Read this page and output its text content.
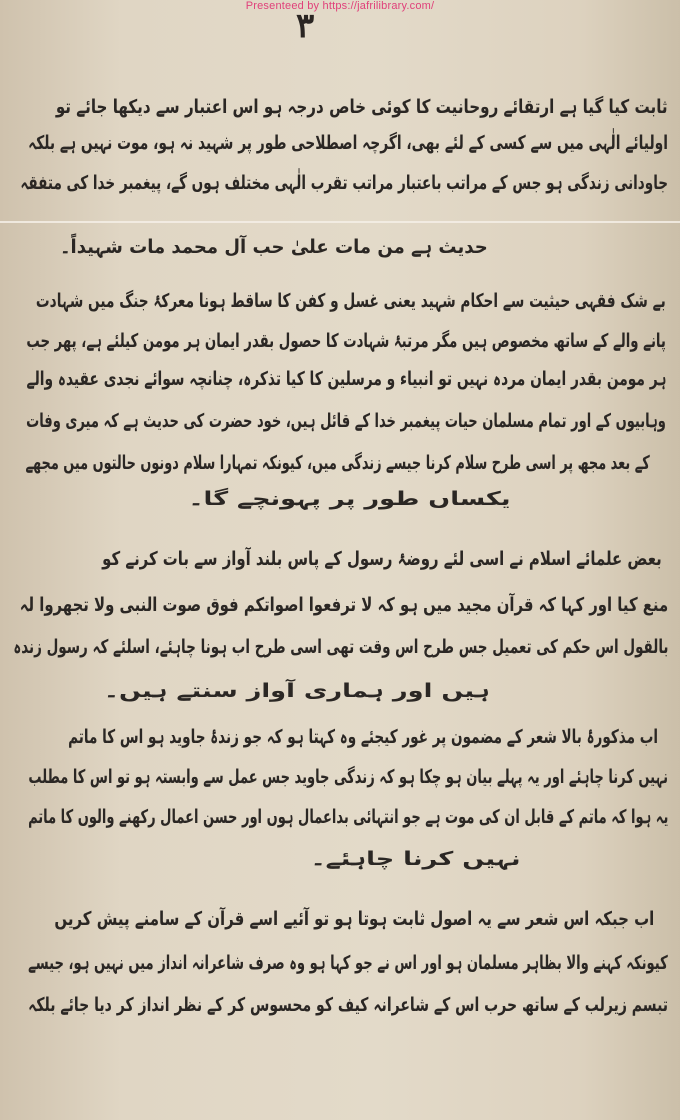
Presenteed by https://jafrilibrary.com/
۳
ثابت کیا گیا ہے ارتقائے روحانیت کا کوئی خاص درجہ ہو اس اعتبار سے دیکھا جائے تو
اولیائے الٰہی میں سے کسی کے لئے بھی، اگرچہ اصطلاحی طور پر شہید نہ ہو، موت نہیں ہے بلکہ
جاودانی زندگی ہو جس کے مراتب باعتبار مراتب تقرب الٰہی مختلف ہوں گے، پیغمبر خدا کی متفقہ
حدیث ہے من مات علیٰ حب آل محمد مات شہیداً۔
بے شک فقہی حیثیت سے احکام شہید یعنی غسل و کفن کا ساقط ہونا معرکۂ جنگ میں شہادت
پانے والے کے ساتھ مخصوص ہیں مگر مرتبۂ شہادت کا حصول بقدر ایمان ہر مومن کیلئے ہے، پھر جب
ہر مومن بقدر ایمان مردہ نہیں تو انبیاء و مرسلین کا کیا تذکرہ، چنانچہ سوائے نجدی عقیدہ والے
وہابیوں کے اور تمام مسلمان حیات پیغمبر خدا کے قائل ہیں، خود حضرت کی حدیث ہے کہ میری وفات
کے بعد مجھ پر اسی طرح سلام کرنا جیسے زندگی میں، کیونکہ تمہارا سلام دونوں حالتوں میں مجھے
یکساں طور پر پہونچے گا۔
بعض علمائے اسلام نے اسی لئے روضۂ رسول کے پاس بلند آواز سے بات کرنے کو
منع کیا اور کہا کہ قرآن مجید میں ہو کہ لا ترفعوا اصواتکم فوق صوت النبی ولا تجھروا لہ
بالقول اس حکم کی تعمیل جس طرح اس وقت تھی اسی طرح اب ہونا چاہئے، اسلئے کہ رسول زندہ
ہیں اور ہماری آواز سنتے ہیں۔
اب مذکورۂ بالا شعر کے مضمون پر غور کیجئے وہ کہتا ہو کہ جو زندۂ جاوید ہو اس کا ماتم
نہیں کرنا چاہئے اور یہ پہلے بیان ہو چکا ہو کہ زندگی جاوید جس عمل سے وابستہ ہو تو اس کا مطلب
یہ ہوا کہ ماتم کے قابل ان کی موت ہے جو انتہائی بداعمال ہوں اور حسن اعمال رکھنے والوں کا ماتم
نہیں کرنا چاہئے۔
اب جبکہ اس شعر سے یہ اصول ثابت ہوتا ہو تو آئیے اسے قرآن کے سامنے پیش کریں
کیونکہ کہنے والا بظاہر مسلمان ہو اور اس نے جو کہا ہو وہ صرف شاعرانہ انداز میں نہیں ہو، جیسے
تبسم زیرلب کے ساتھ حرب اس کے شاعرانہ کیف کو محسوس کر کے نظر انداز کر دیا جائے بلکہ
